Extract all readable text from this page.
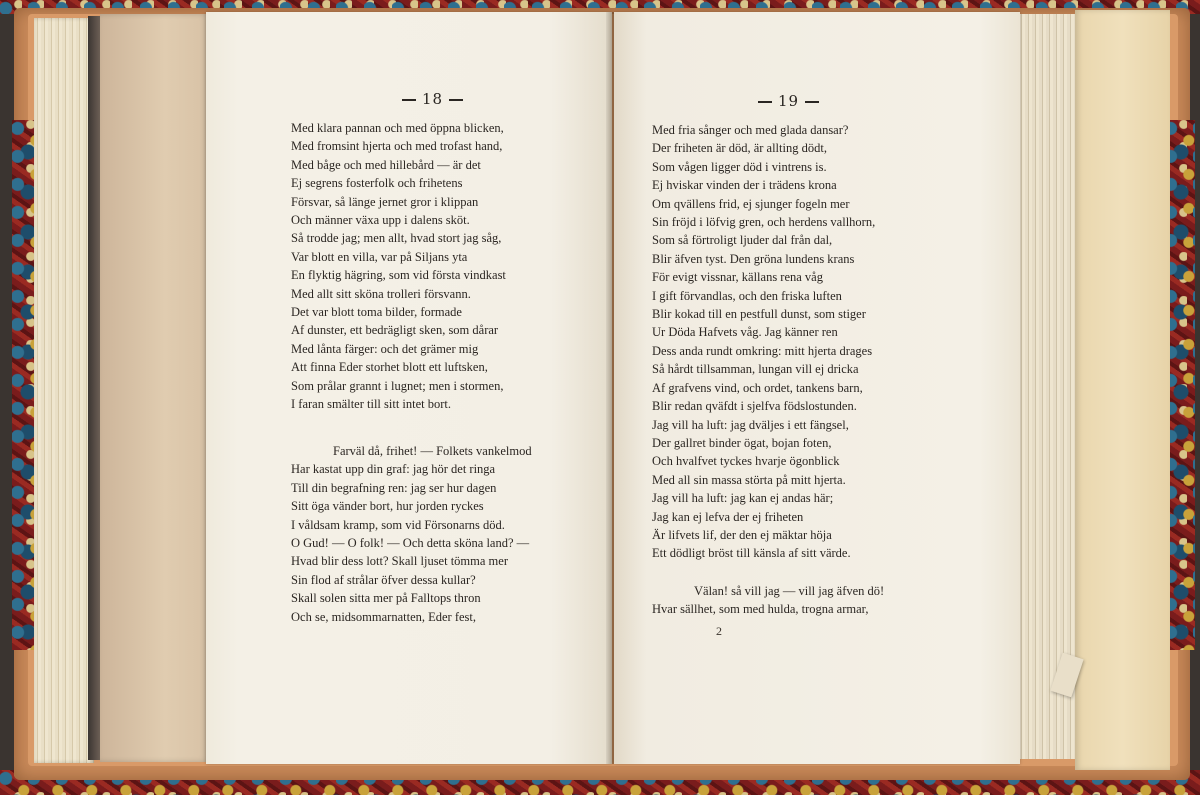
18
Med klara pannan och med öppna blicken,
Med fromsint hjerta och med trofast hand,
Med båge och med hillebård — är det
Ej segrens fosterfolk och frihetens
Försvar, så länge jernet gror i klippan
Och männer växa upp i dalens sköt.
Så trodde jag; men allt, hvad stort jag såg,
Var blott en villa, var på Siljans yta
En flyktig hägring, som vid första vindkast
Med allt sitt sköna trolleri försvann.
Det var blott toma bilder, formade
Af dunster, ett bedrägligt sken, som dårar
Med lånta färger: och det grämer mig
Att finna Eder storhet blott ett luftsken,
Som prålar grannt i lugnet; men i stormen,
I faran smälter till sitt intet bort.
Farväl då, frihet! — Folkets vankelmod
Har kastat upp din graf: jag hör det ringa
Till din begrafning ren: jag ser hur dagen
Sitt öga vänder bort, hur jorden ryckes
I våldsam kramp, som vid Försonarns död.
O Gud! — O folk! — Och detta sköna land? —
Hvad blir dess lott? Skall ljuset tömma mer
Sin flod af strålar öfver dessa kullar?
Skall solen sitta mer på Falltops thron
Och se, midsommarnatten, Eder fest,
19
Med fria sånger och med glada dansar?
Der friheten är död, är allting dödt,
Som vågen ligger död i vintrens is.
Ej hviskar vinden der i trädens krona
Om qvällens frid, ej sjunger fogeln mer
Sin fröjd i löfvig gren, och herdens vallhorn,
Som så förtroligt ljuder dal från dal,
Blir äfven tyst. Den gröna lundens krans
För evigt vissnar, källans rena våg
I gift förvandlas, och den friska luften
Blir kokad till en pestfull dunst, som stiger
Ur Döda Hafvets våg. Jag känner ren
Dess anda rundt omkring: mitt hjerta drages
Så hårdt tillsamman, lungan vill ej dricka
Af grafvens vind, och ordet, tankens barn,
Blir redan qväfdt i sjelfva födslostunden.
Jag vill ha luft: jag dväljes i ett fängsel,
Der gallret binder ögat, bojan foten,
Och hvalfvet tyckes hvarje ögonblick
Med all sin massa störta på mitt hjerta.
Jag vill ha luft: jag kan ej andas här;
Jag kan ej lefva der ej friheten
Är lifvets lif, der den ej mäktar höja
Ett dödligt bröst till känsla af sitt värde.
Välan! så vill jag — vill jag äfven dö!
Hvar sällhet, som med hulda, trogna armar,
2
